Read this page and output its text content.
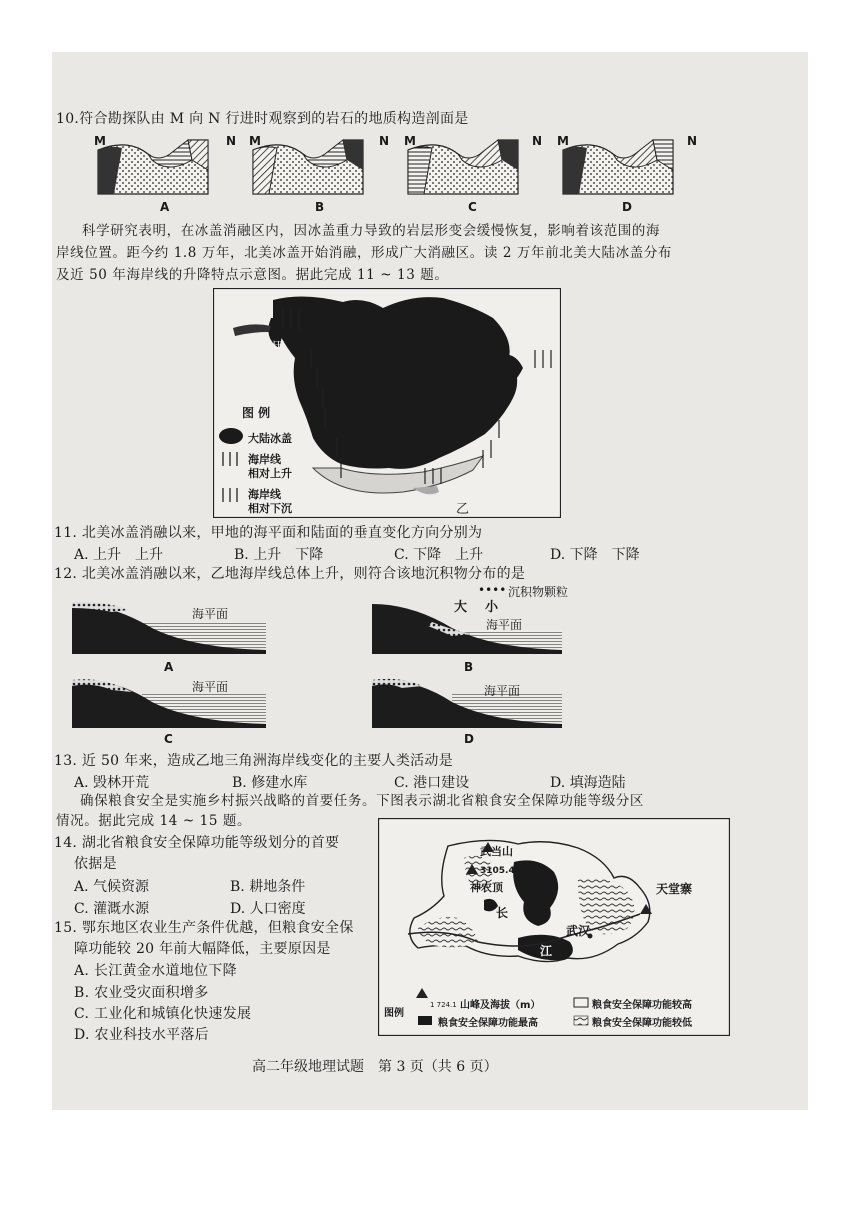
10.符合勘探队由 M 向 N 行进时观察到的岩石的地质构造剖面是
M	N M	N M	N M	N
A	B	C	D
科学研究表明，在冰盖消融区内，因冰盖重力导致的岩层形变会缓慢恢复，影响着该范围的海
岸线位置。距今约 1.8 万年，北美冰盖开始消融，形成广大消融区。读 2 万年前北美大陆冰盖分布
及近 50 年海岸线的升降特点示意图。据此完成 11 ~ 13 题。
甲
乙
图 例
大陆冰盖
海岸线
相对上升
海岸线
相对下沉
11. 北美冰盖消融以来，甲地的海平面和陆面的垂直变化方向分别为
A. 上升　上升	B. 上升　下降	C. 下降　上升	D. 下降　下降
12. 北美冰盖消融以来，乙地海岸线总体上升，则符合该地沉积物分布的是
海平面
海平面
海平面	海平面
•••• 沉积物颗粒
大 小
A	B
C	D
13. 近 50 年来，造成乙地三角洲海岸线变化的主要人类活动是
A. 毁林开荒	B. 修建水库	C. 港口建设	D. 填海造陆
确保粮食安全是实施乡村振兴战略的首要任务。下图表示湖北省粮食安全保障功能等级分区
情况。据此完成 14 ~ 15 题。
14. 湖北省粮食安全保障功能等级划分的首要
依据是
A. 气候资源	B. 耕地条件
C. 灌溉水源	D. 人口密度
15. 鄂东地区农业生产条件优越，但粮食安全保
障功能较 20 年前大幅降低，主要原因是
A. 长江黄金水道地位下降
B. 农业受灾面积增多
C. 工业化和城镇化快速发展
D. 农业科技水平落后
武当山
3105.4
神农顶	天堂寨
武汉
长
江
图例
1 724.1 山峰及海拔（m）
粮食安全保障功能最高
粮食安全保障功能较高
粮食安全保障功能较低
高二年级地理试题　第 3 页（共 6 页）
